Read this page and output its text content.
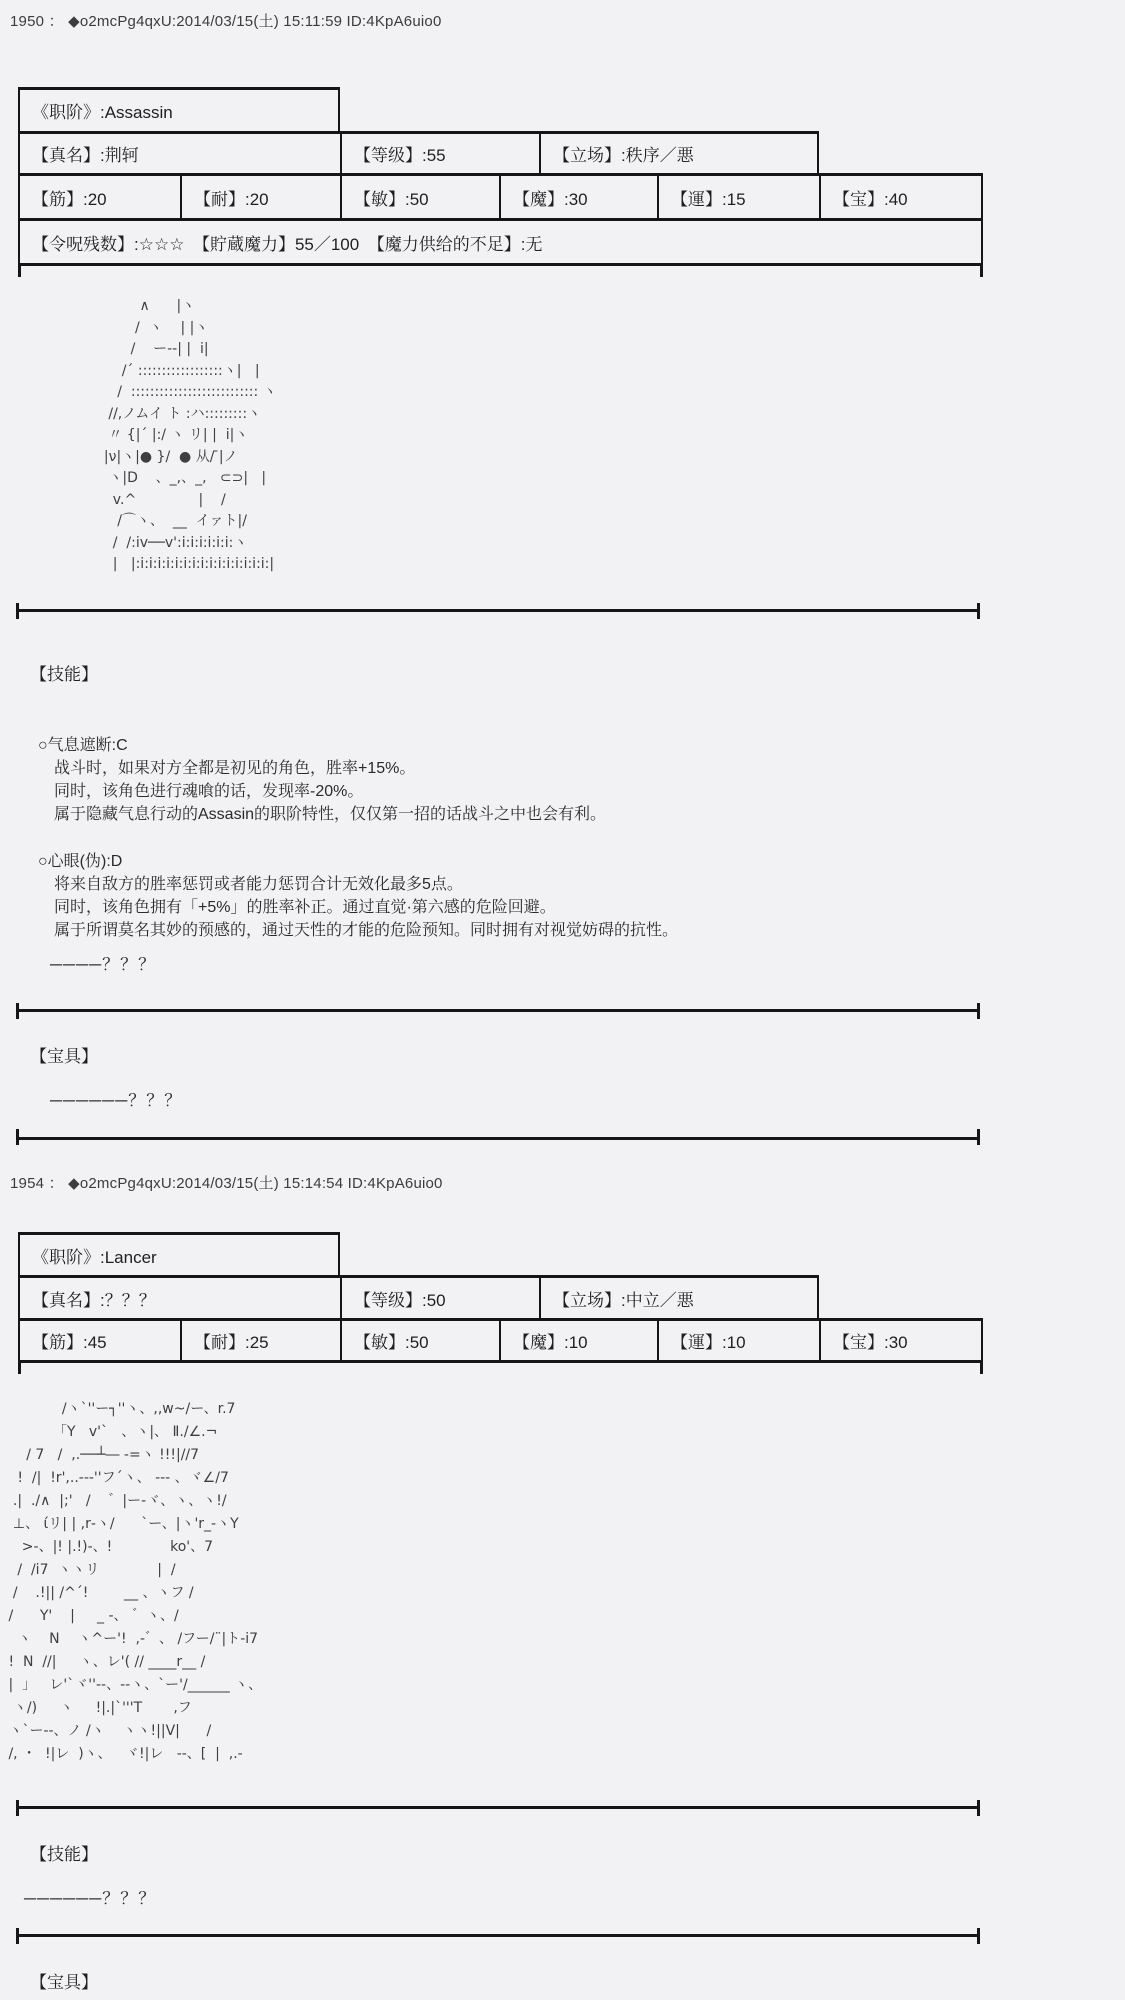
1950 ： ◆o2mcPg4qxU:2014/03/15(土) 15:11:59 ID:4KpA6uio0
《职阶》:Assassin
【真名】:荆轲	【等级】:55	【立场】:秩序／悪
【筋】:20	【耐】:20	【敏】:50	【魔】:30	【運】:15	【宝】:40
【令呪残数】:☆☆☆　【貯蔵魔力】55／100　【魔力供给的不足】:无
∧      |ヽ
/  ヽ    | |ヽ
/    ー-‐| |  i|
/´ ::::::::::::::::::ヽ|   |
/  ::::::::::::::::::::::::::: ヽ
//,ノムイ ト :ハ:::::::::ヽ
〃 {|´ |:/ ヽ リ| |  i|ヽ
|ν|ヽ|● }/  ● 从/ ̄|ノ
ヽ|D    、_,、_,   ⊂⊃|   |
v.^              |    /
/⌒ヽ、  __  イァト|/
/  /:iv──v':i:i:i:i:i:i:ヽ
|   |:i:i:i:i:i:i:i:i:i:i:i:i:i:i:i:|
【技能】
○气息遮断:C
　战斗时，如果对方全都是初见的角色，胜率+15%。
　同时，该角色进行魂喰的话，发现率-20%。
　属于隐藏气息行动的Assasin的职阶特性，仅仅第一招的话战斗之中也会有利。
○心眼(伪):D
　将来自敌方的胜率惩罚或者能力惩罚合计无效化最多5点。
　同时，该角色拥有「+5%」的胜率补正。通过直觉·第六感的危险回避。
　属于所谓莫名其妙的预感的，通过天性的才能的危险预知。同时拥有对视觉妨碍的抗性。
────？？？
【宝具】
──────？？？
1954 ： ◆o2mcPg4qxU:2014/03/15(土) 15:14:54 ID:4KpA6uio0
《职阶》:Lancer
【真名】:？？？	【等级】:50	【立场】:中立／悪
【筋】:45	【耐】:25	【敏】:50	【魔】:10	【運】:10	【宝】:30
/ヽ`''ー┐''ヽ、,,w~/ー、r.7
「Y   v'`   、ヽ|、 Ⅱ./∠.¬
/ 7   /  ,.──┴― ‐=ヽ !!!|//7
!  /|  !r',..--‐''フ´ヽ、 ‐-- 、ヾ∠/7
.|  ./∧  |;'   /    ゛|ー-ヾ、ヽ、ヽ!/
⊥、 ίリ| | ,r‐ヽ/      `ー、|ヽ'r_-ヽY
>-、|! |.!)-、!             ko'、7
/  /i7  ヽヽリ             |  /
/    .!|| /^´!        __ 、ヽフ /
/      Y'    |     _ ‐、 ゛ヽ、/
ヽ    N    ヽ^ー'!  ,‐゛、 /フー/¨|ト-i7
!  N  //|     ヽ、レ'( // ____r__ /
|  」   レ'`ヾ''‐-、‐-ヽ、`ー'/______ ヽ、
ヽ/)     ヽ     !|.|`'''T       ,フ
ヽ`ー--、ノ /ヽ    ヽヽ!||V|      /
/, ・  !|レ  )ヽ、   ヾ!|レ   ‐-、[  |  ,.-
【技能】
──────？？？
【宝具】
